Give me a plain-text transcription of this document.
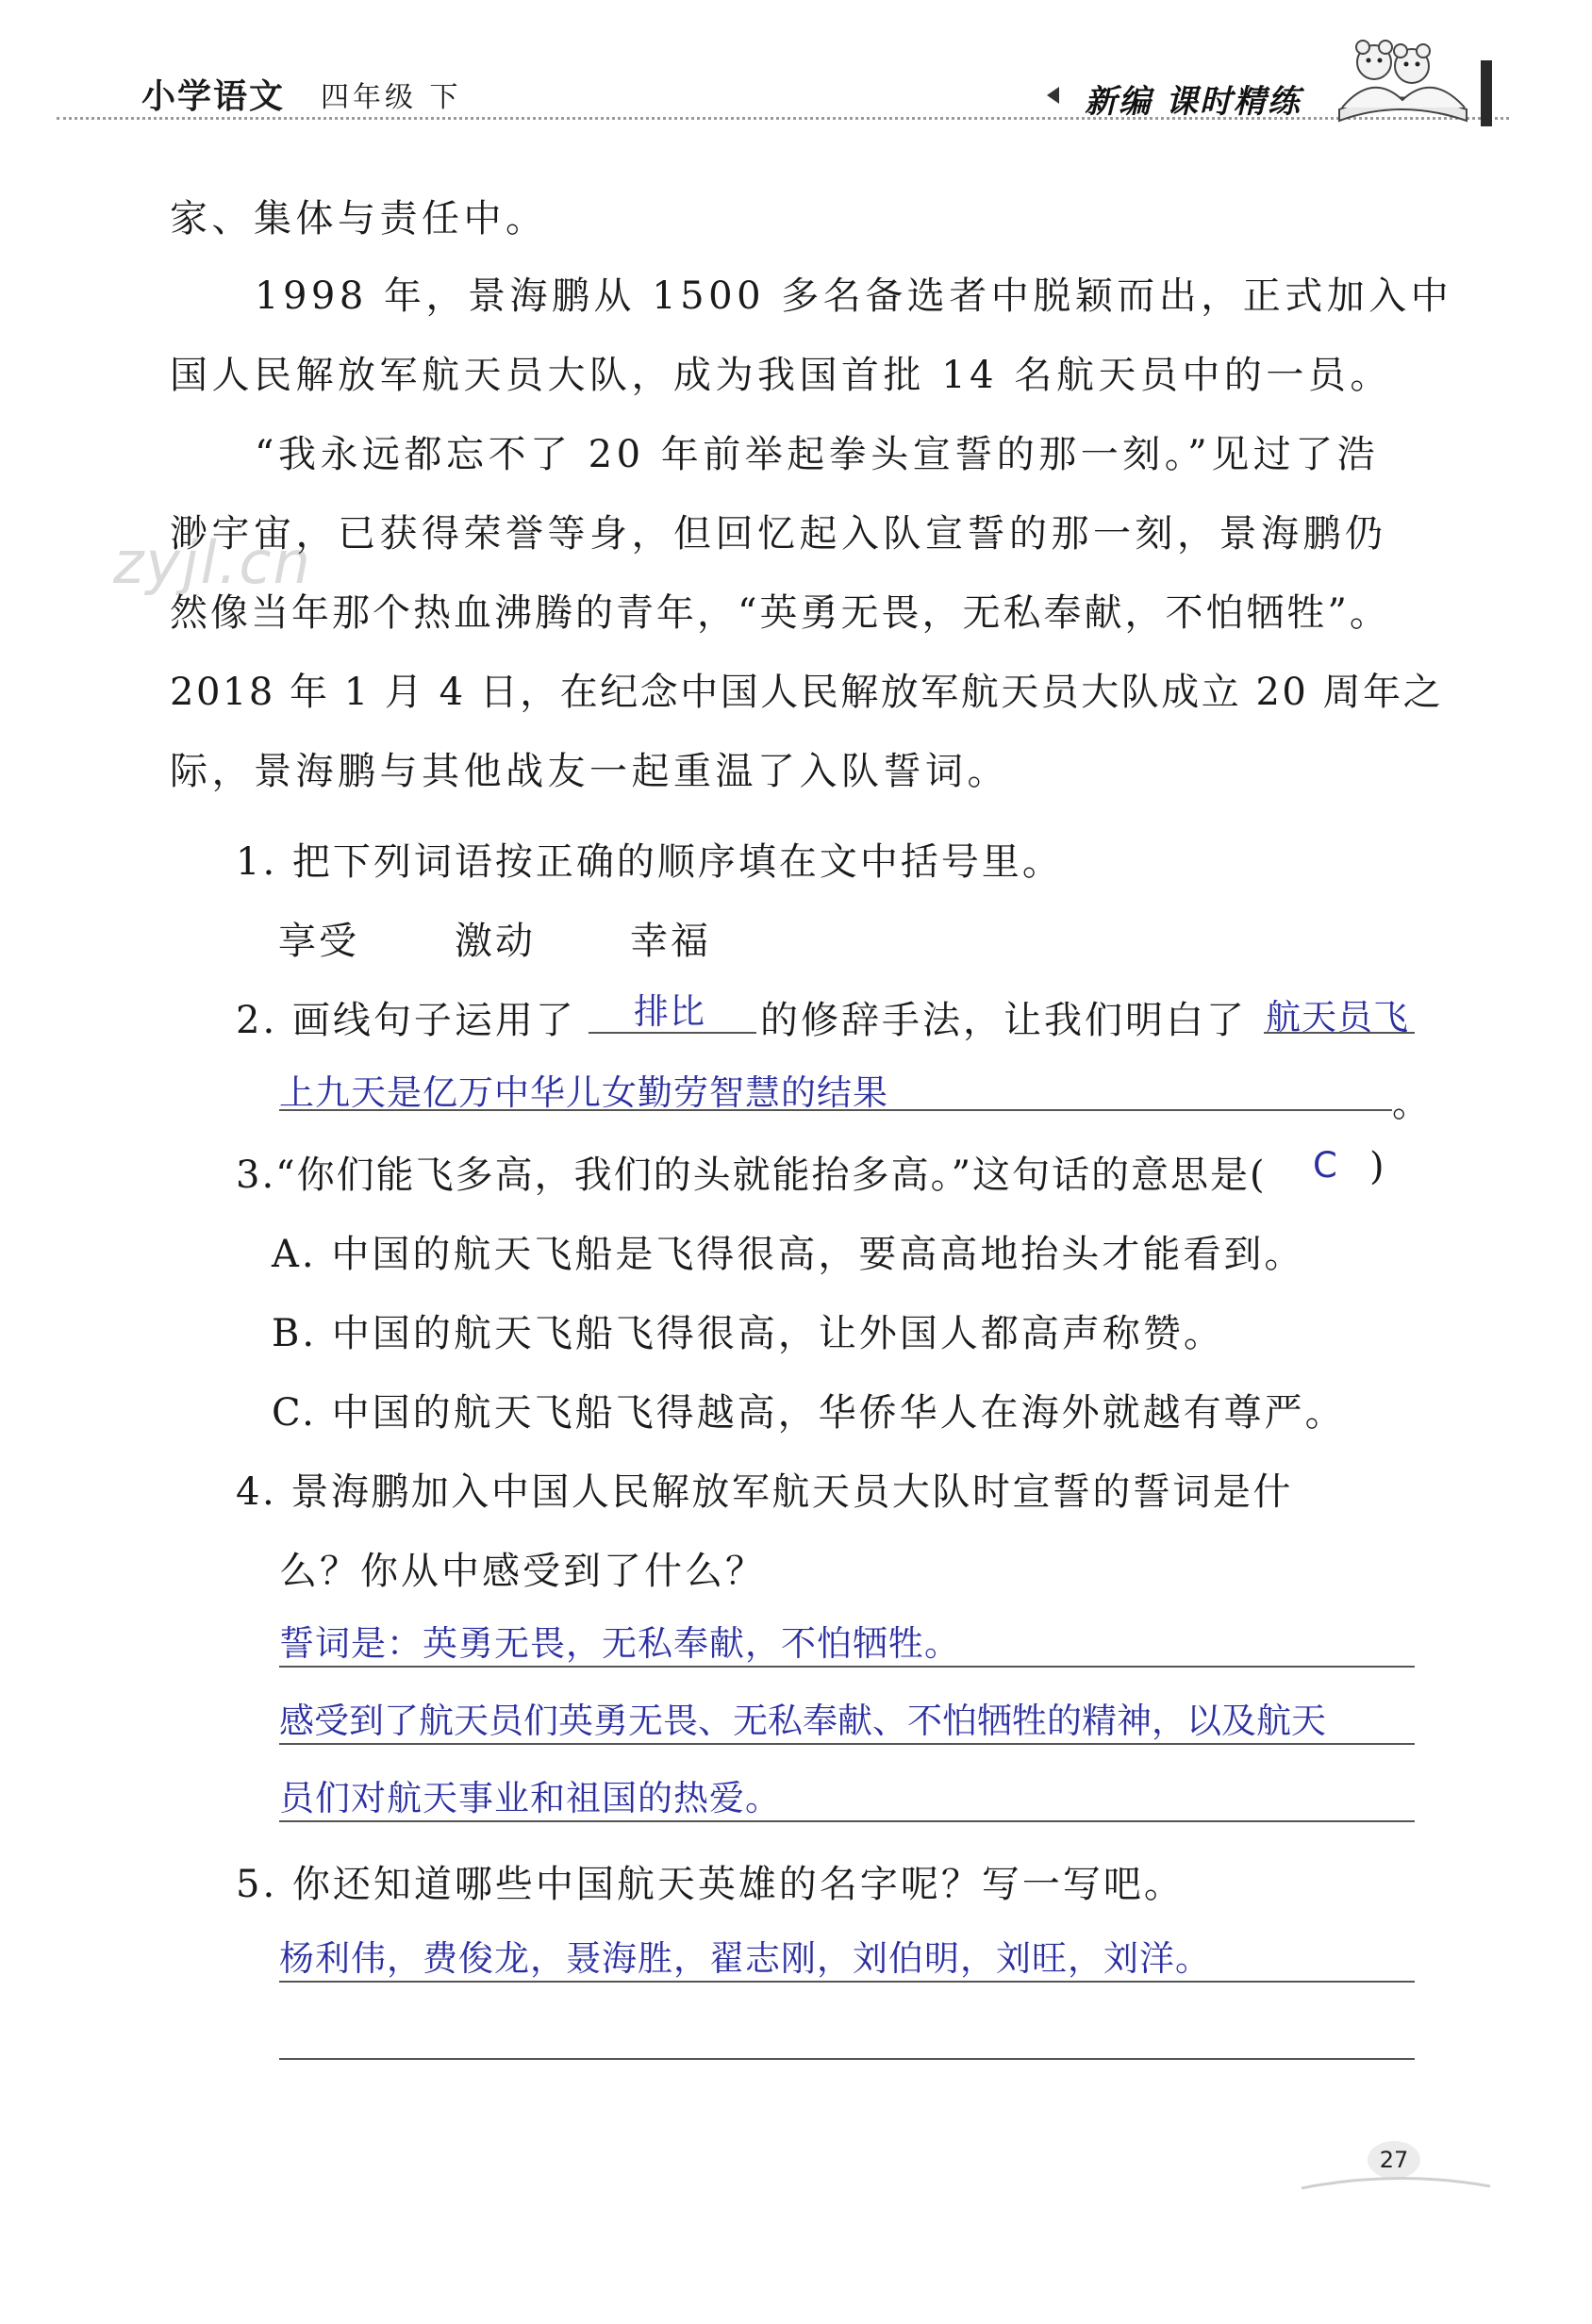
小学语文 四年级 下	新编 课时精练
zyjl.cn
家、集体与责任中。
1998 年，景海鹏从 1500 多名备选者中脱颖而出，正式加入中
国人民解放军航天员大队，成为我国首批 14 名航天员中的一员。
“我永远都忘不了 20 年前举起拳头宣誓的那一刻。”见过了浩
渺宇宙，已获得荣誉等身，但回忆起入队宣誓的那一刻，景海鹏仍
然像当年那个热血沸腾的青年，“英勇无畏，无私奉献，不怕牺牲”。
2018 年 1 月 4 日，在纪念中国人民解放军航天员大队成立 20 周年之
际，景海鹏与其他战友一起重温了入队誓词。
1. 把下列词语按正确的顺序填在文中括号里。
享受	激动	幸福
2. 画线句子运用了 排比 的修辞手法，让我们明白了 航天员飞
上九天是亿万中华儿女勤劳智慧的结果	。
3.“你们能飞多高，我们的头就能抬多高。”这句话的意思是( C )
A. 中国的航天飞船是飞得很高，要高高地抬头才能看到。
B. 中国的航天飞船飞得很高，让外国人都高声称赞。
C. 中国的航天飞船飞得越高，华侨华人在海外就越有尊严。
4. 景海鹏加入中国人民解放军航天员大队时宣誓的誓词是什
么？你从中感受到了什么？
誓词是：英勇无畏，无私奉献，不怕牺牲。
感受到了航天员们英勇无畏、无私奉献、不怕牺牲的精神，以及航天
员们对航天事业和祖国的热爱。
5. 你还知道哪些中国航天英雄的名字呢？写一写吧。
杨利伟，费俊龙，聂海胜，翟志刚，刘伯明，刘旺，刘洋。
27
